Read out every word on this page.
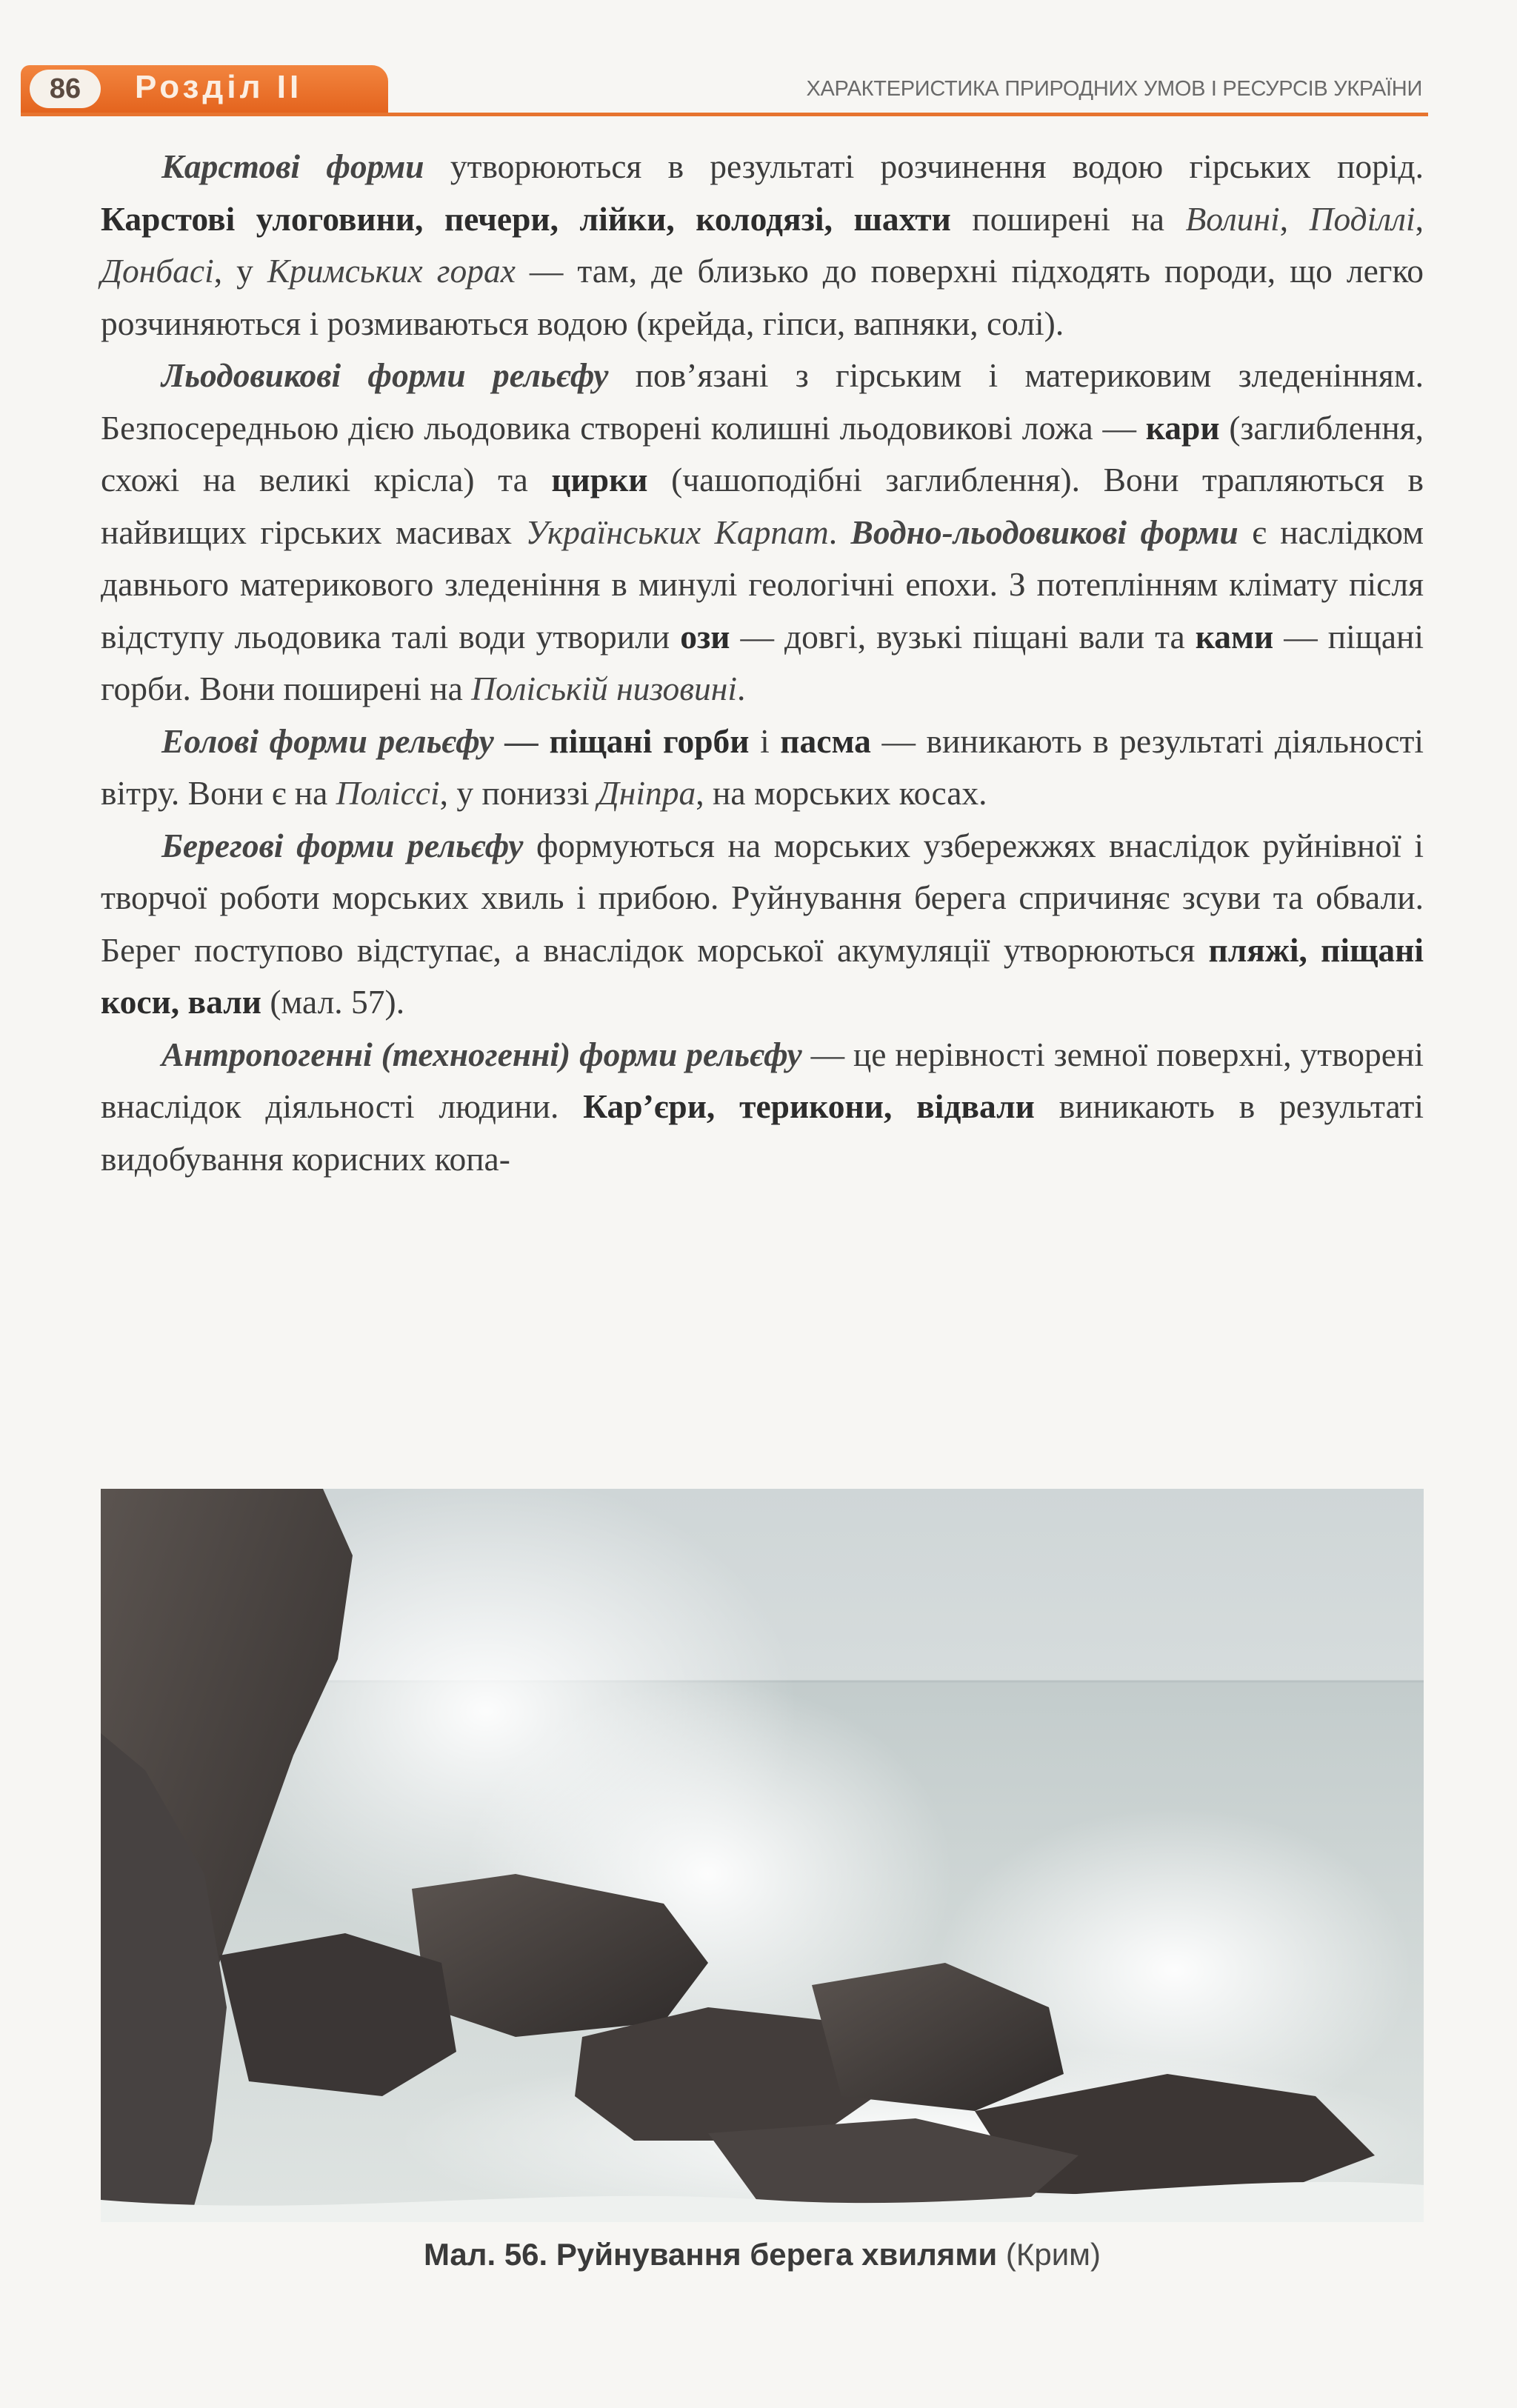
86	Розділ ІІ	ХАРАКТЕРИСТИКА ПРИРОДНИХ УМОВ І РЕСУРСІВ УКРАЇНИ

Карстові форми утворюються в результаті розчинення водою гірських порід. Карстові улоговини, печери, лійки, колодязі, шахти поширені на Волині, Поділлі, Донбасі, у Кримських горах — там, де близько до поверхні підходять породи, що легко розчиняються і розмиваються водою (крейда, гіпси, вапняки, солі).

Льодовикові форми рельєфу пов’язані з гірським і материковим зледенінням. Безпосередньою дією льодовика створені колишні льодовикові ложа — кари (заглиблення, схожі на великі крісла) та цирки (чашоподібні заглиблення). Вони трапляються в найвищих гірських масивах Українських Карпат. Водно-льодовикові форми є наслідком давнього материкового зледеніння в минулі геологічні епохи. З потеплінням клімату після відступу льодовика талі води утворили ози — довгі, вузькі піщані вали та ками — піщані горби. Вони поширені на Поліській низовині.

Еолові форми рельєфу — піщані горби і пасма — виникають в результаті діяльності вітру. Вони є на Поліссі, у пониззі Дніпра, на морських косах.

Берегові форми рельєфу формуються на морських узбережжях внаслідок руйнівної і творчої роботи морських хвиль і прибою. Руйнування берега спричиняє зсуви та обвали. Берег поступово відступає, а внаслідок морської акумуляції утворюються пляжі, піщані коси, вали (мал. 57).

Антропогенні (техногенні) форми рельєфу — це нерівності земної поверхні, утворені внаслідок діяльності людини. Кар’єри, терикони, відвали виникають в результаті видобування корисних копа-

Мал. 56. Руйнування берега хвилями (Крим)
